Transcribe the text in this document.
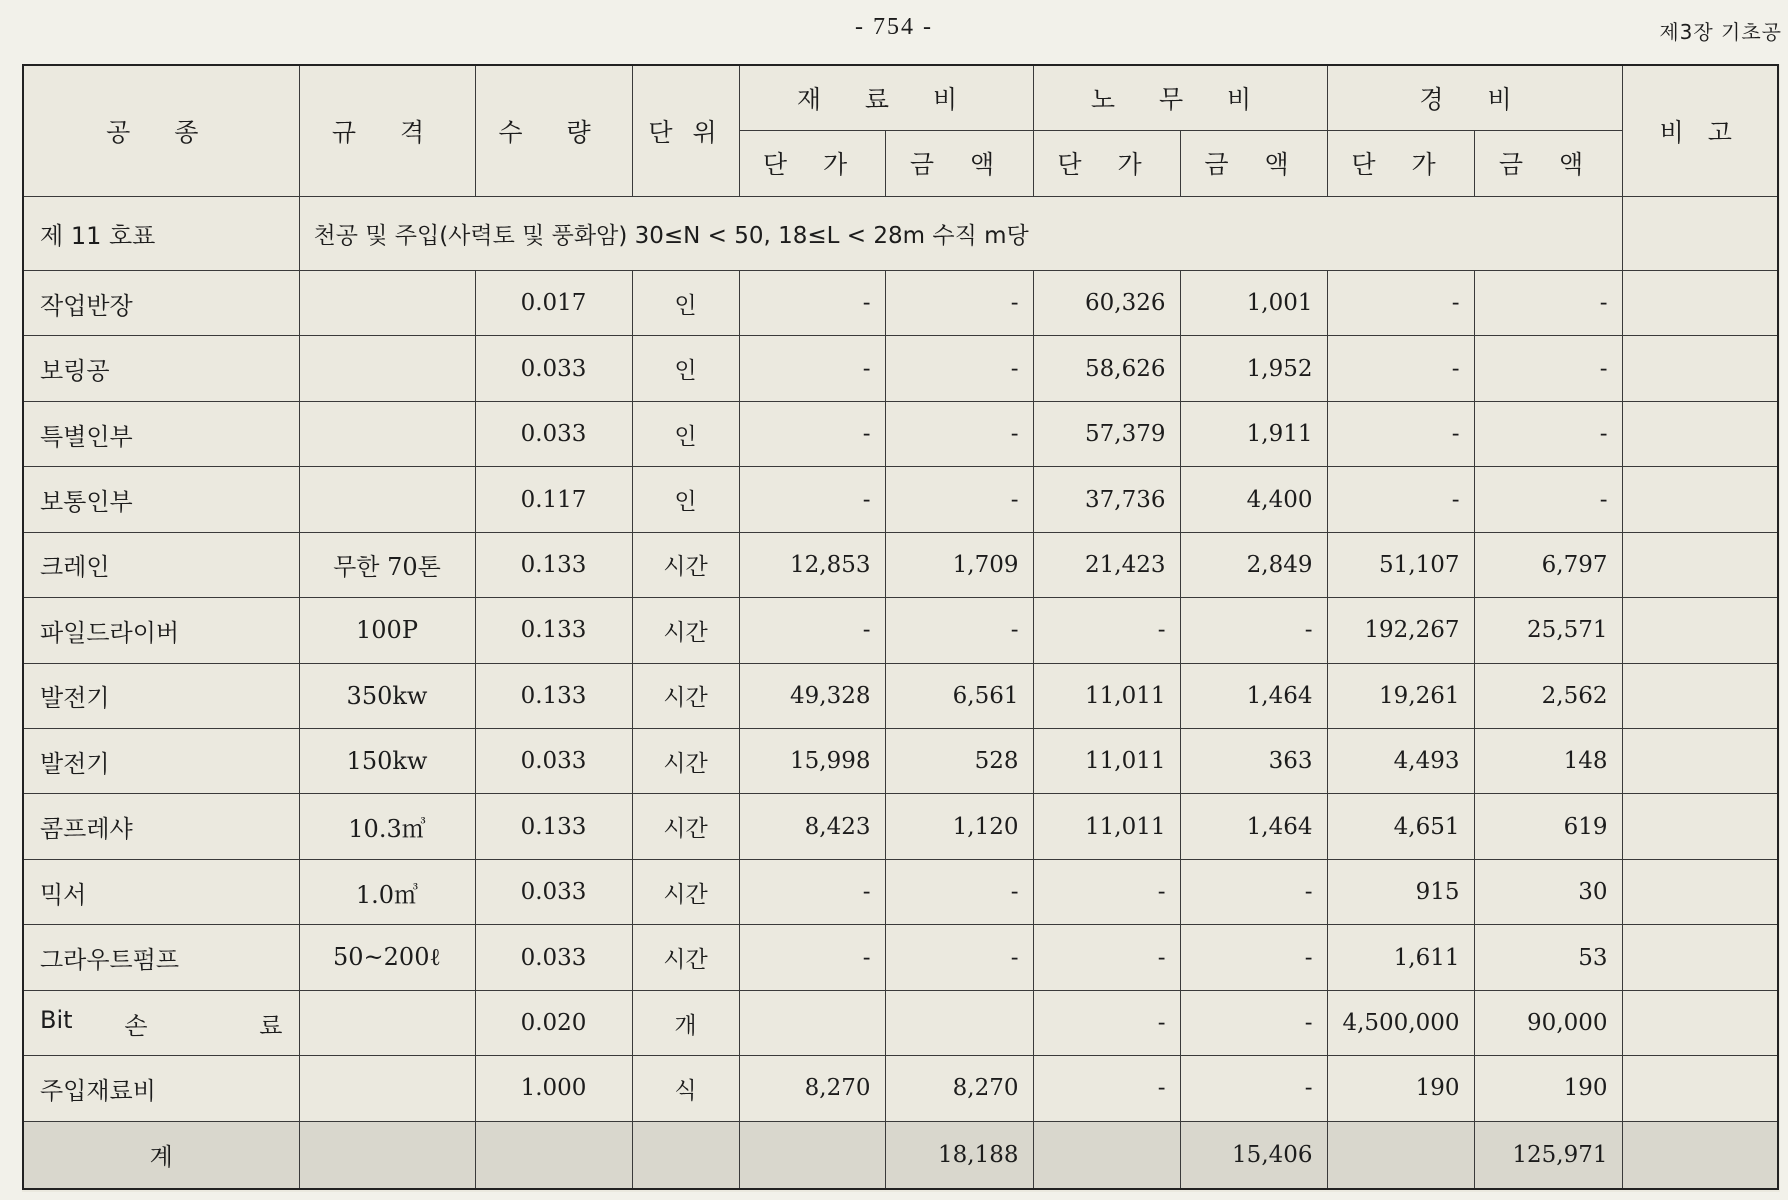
- 754 -	제3장 기초공
공 종	규 격	수 량	단 위	재 료 비		노 무 비		경 비		비 고
				단 가	금 액	단 가	금 액	단 가	금 액	
제 11 호표	천공 및 주입(사력토 및 풍화암) 30≤N < 50, 18≤L < 28m 수직 m당									
작업반장		0.017	인	-	-	60,326	1,001	-	-	
보링공		0.033	인	-	-	58,626	1,952	-	-	
특별인부		0.033	인	-	-	57,379	1,911	-	-	
보통인부		0.117	인	-	-	37,736	4,400	-	-	
크레인	무한 70톤	0.133	시간	12,853	1,709	21,423	2,849	51,107	6,797	
파일드라이버	100P	0.133	시간	-	-	-	-	192,267	25,571	
발전기	350kw	0.133	시간	49,328	6,561	11,011	1,464	19,261	2,562	
발전기	150kw	0.033	시간	15,998	528	11,011	363	4,493	148	
콤프레샤	10.3㎥	0.133	시간	8,423	1,120	11,011	1,464	4,651	619	
믹서	1.0㎥	0.033	시간	-	-	-	-	915	30	
그라우트펌프	50~200ℓ	0.033	시간	-	-	-	-	1,611	53	

Bit 손 료		0.020	개			-	-	4,500,000	90,000	
주입재료비		1.000	식	8,270	8,270	-	-	190	190	
계					18,188		15,406		125,971	
